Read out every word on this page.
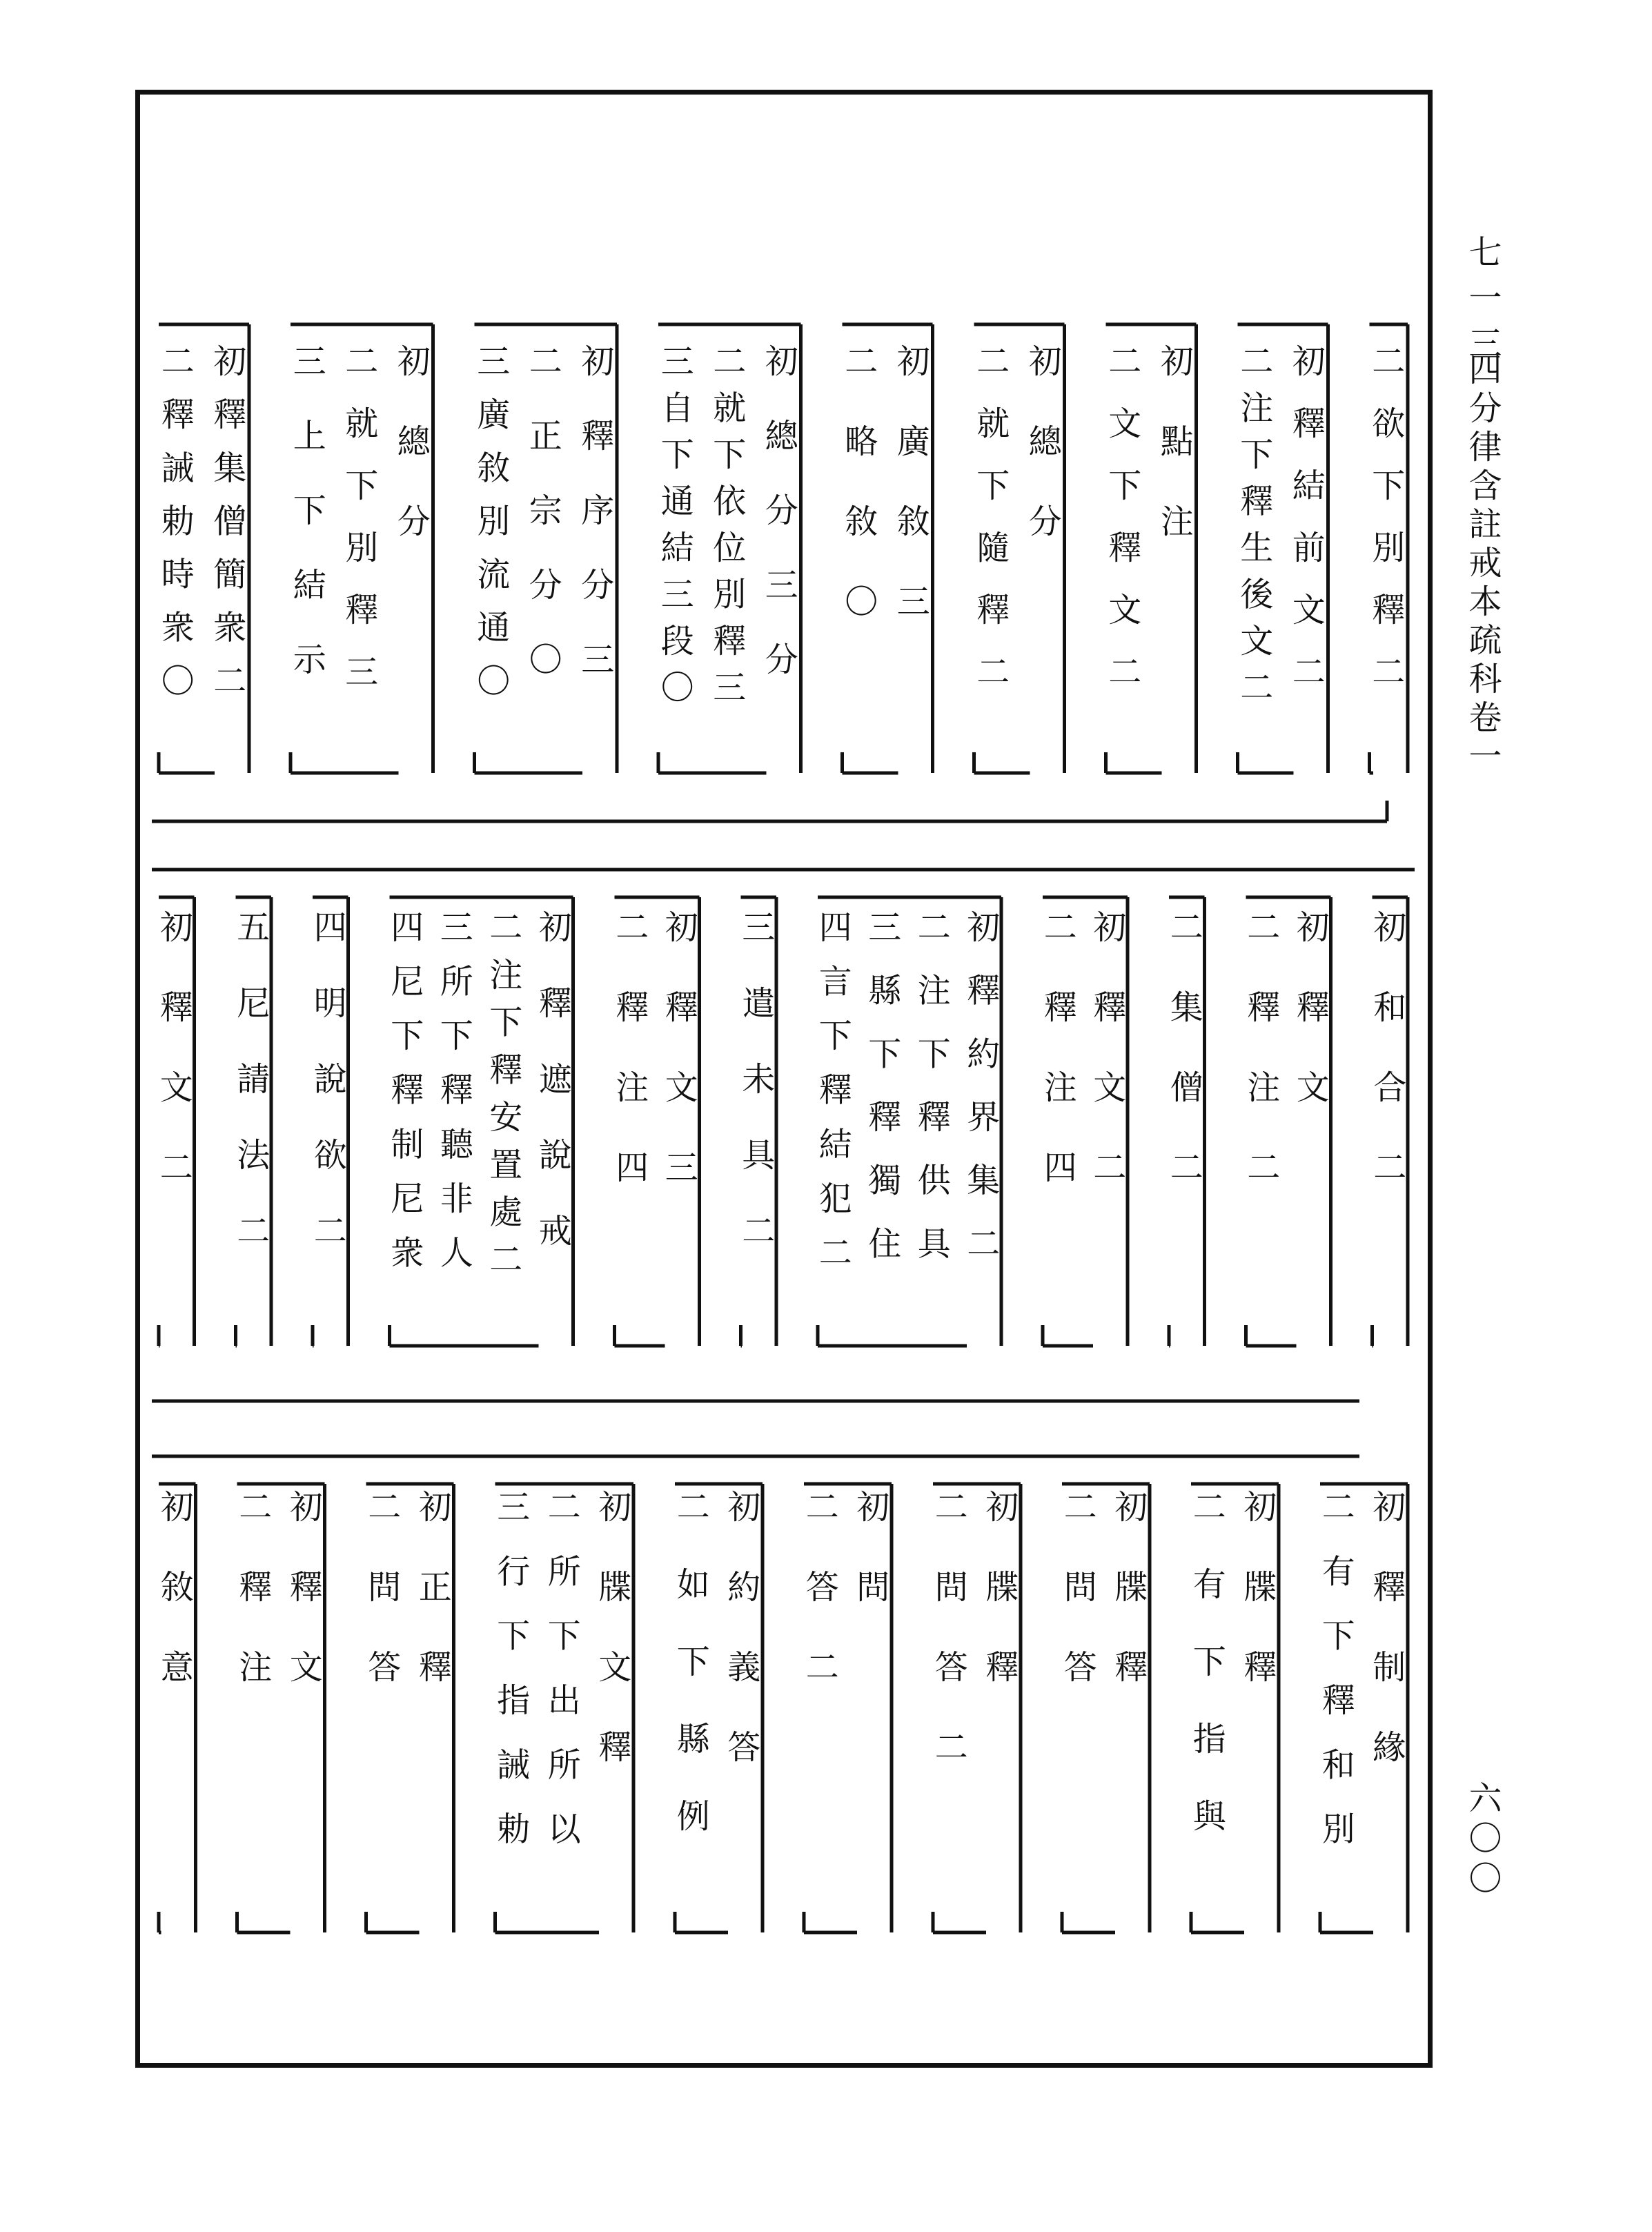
七一三
四分律含註戒本疏科卷一
六〇〇
二欲下別釋二
初釋結前文二
二注下釋生後文二
初點注
二文下釋文二
初總分
二就下隨釋二
初廣敘三
二略敘〇
初總分三分
二就下依位別釋三
三自下通結三段〇
初釋序分三
二正宗分〇
三廣敘別流通〇
初總分
二就下別釋三
三上下結示
初釋集僧簡衆二
二釋誡勅時衆〇
初和合二
初釋文
二釋注二
二集僧二
初釋文二
二釋注四
初釋約界集二
二注下釋供具
三縣下釋獨住
四言下釋結犯二
三遣未具二
初釋文三
二釋注四
初釋遮說戒
二注下釋安置處二
三所下釋聽非人
四尼下釋制尼衆
四明說欲二
五尼請法二
初釋文二
初釋制緣
二有下釋和別
初牒釋
二有下指與
初牒釋
二問答
初牒釋
二問答二
初問
二答二
初約義答
二如下縣例
初牒文釋
二所下出所以
三行下指誡勅
初正釋
二問答
初釋文
二釋注
初敘意
